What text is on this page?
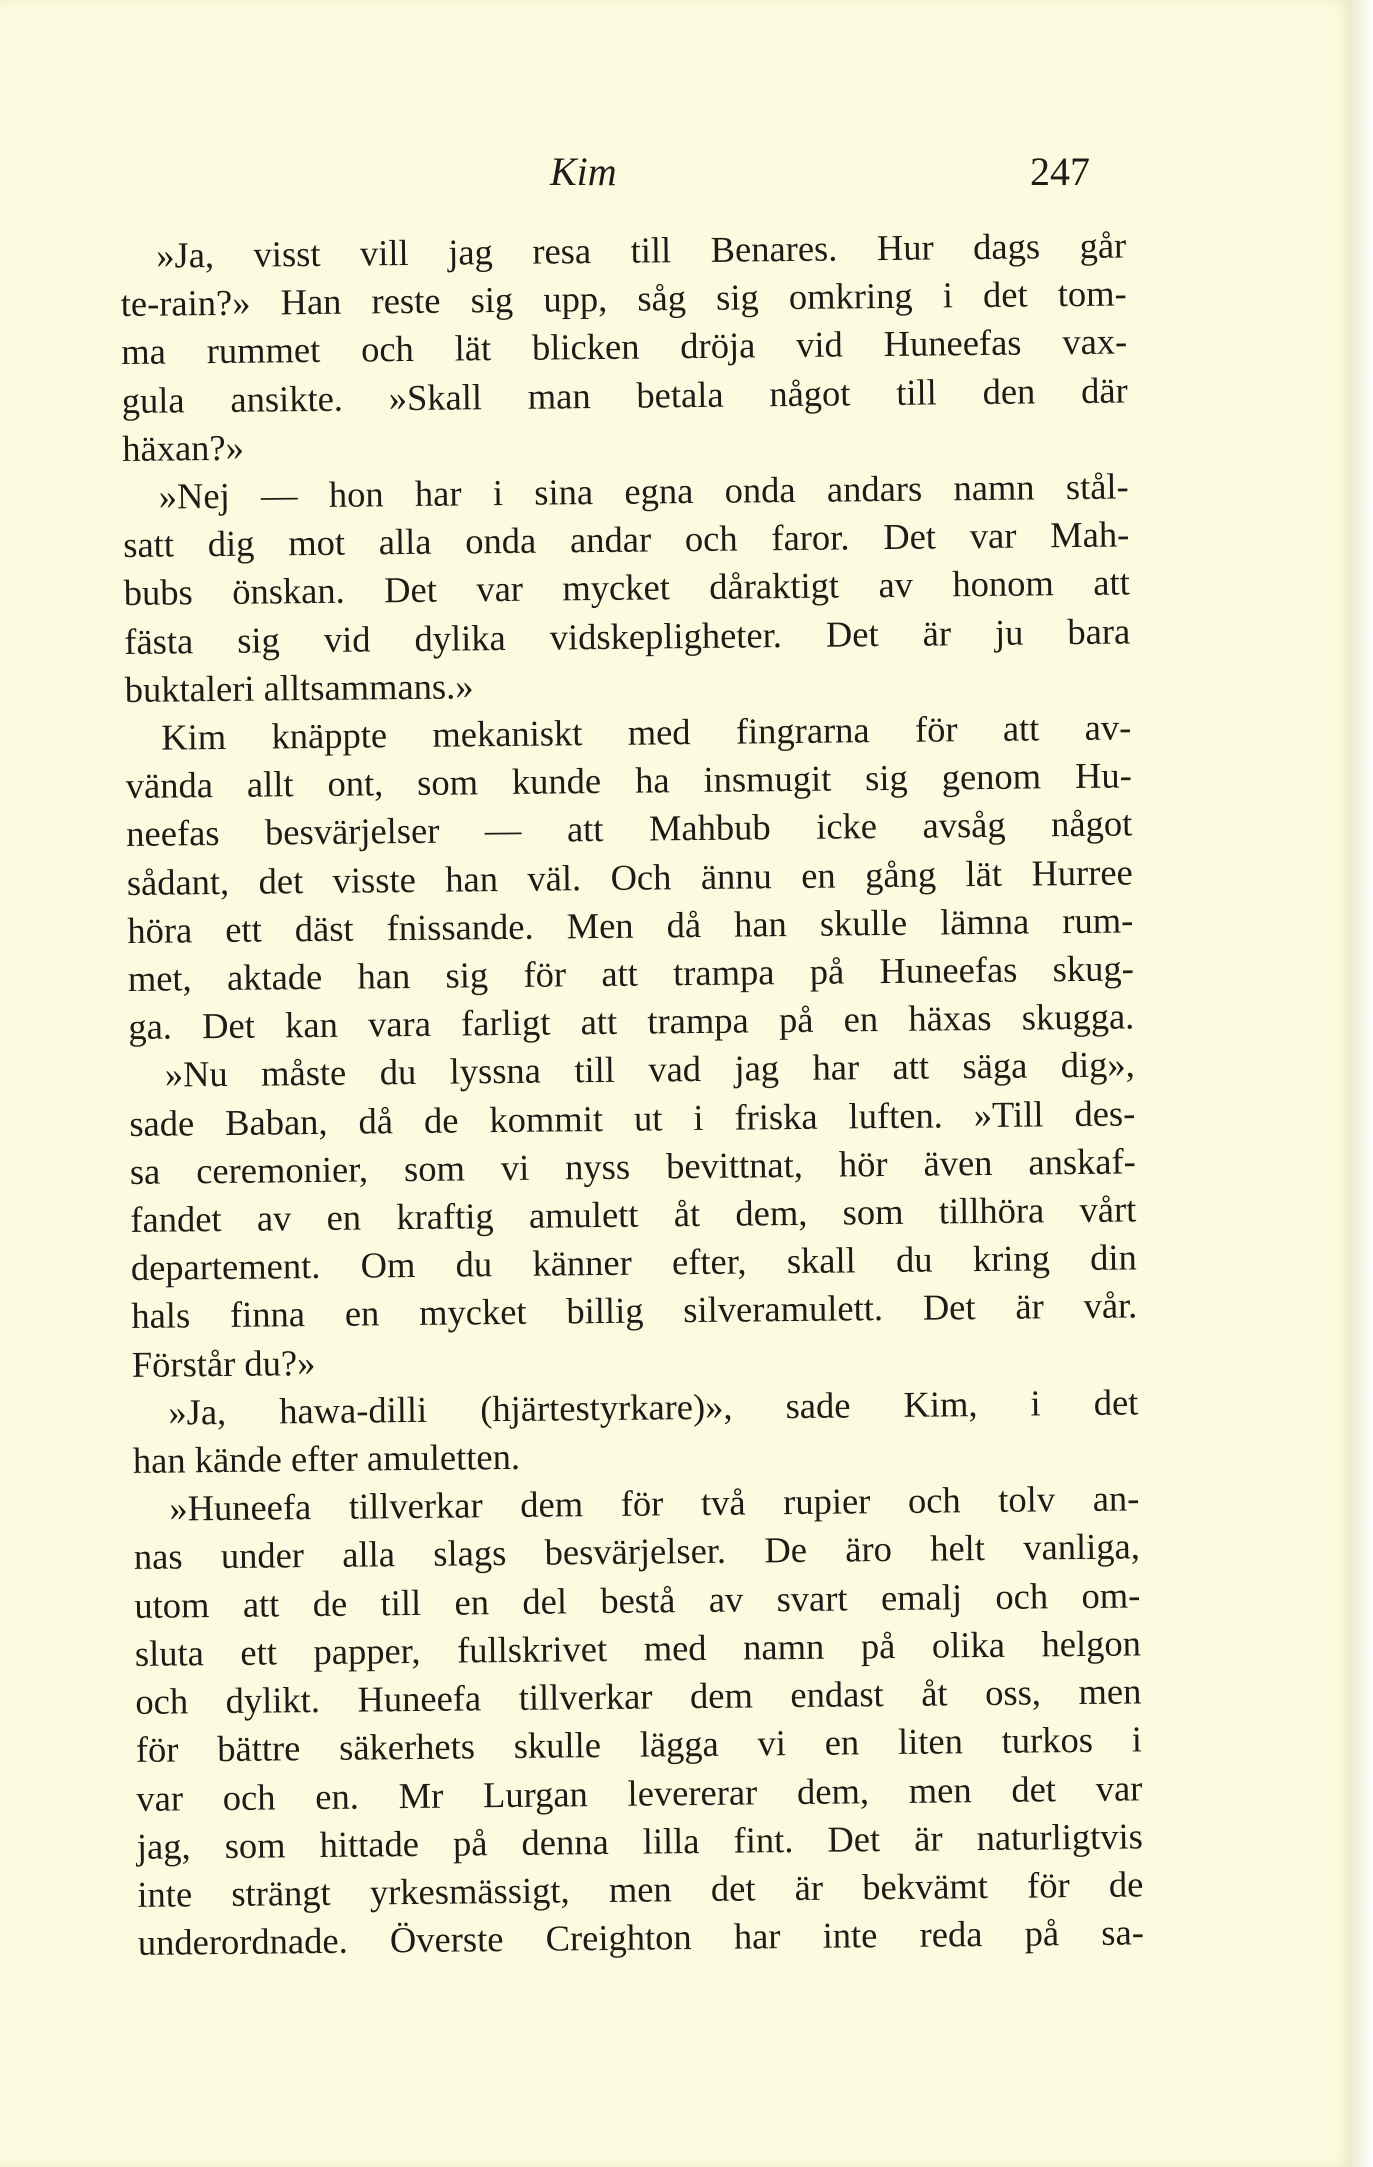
Kim	247
»Ja, visst vill jag resa till Benares. Hur dags går
te-rain?» Han reste sig upp, såg sig omkring i det tom-
ma rummet och lät blicken dröja vid Huneefas vax-
gula ansikte. »Skall man betala något till den där
häxan?»
»Nej — hon har i sina egna onda andars namn stål-
satt dig mot alla onda andar och faror. Det var Mah-
bubs önskan. Det var mycket dåraktigt av honom att
fästa sig vid dylika vidskepligheter. Det är ju bara
buktaleri alltsammans.»
Kim knäppte mekaniskt med fingrarna för att av-
vända allt ont, som kunde ha insmugit sig genom Hu-
neefas besvärjelser — att Mahbub icke avsåg något
sådant, det visste han väl. Och ännu en gång lät Hurree
höra ett däst fnissande. Men då han skulle lämna rum-
met, aktade han sig för att trampa på Huneefas skug-
ga. Det kan vara farligt att trampa på en häxas skugga.
»Nu måste du lyssna till vad jag har att säga dig»,
sade Baban, då de kommit ut i friska luften. »Till des-
sa ceremonier, som vi nyss bevittnat, hör även anskaf-
fandet av en kraftig amulett åt dem, som tillhöra vårt
departement. Om du känner efter, skall du kring din
hals finna en mycket billig silveramulett. Det är vår.
Förstår du?»
»Ja, hawa-dilli (hjärtestyrkare)», sade Kim, i det
han kände efter amuletten.
»Huneefa tillverkar dem för två rupier och tolv an-
nas under alla slags besvärjelser. De äro helt vanliga,
utom att de till en del bestå av svart emalj och om-
sluta ett papper, fullskrivet med namn på olika helgon
och dylikt. Huneefa tillverkar dem endast åt oss, men
för bättre säkerhets skulle lägga vi en liten turkos i
var och en. Mr Lurgan levererar dem, men det var
jag, som hittade på denna lilla fint. Det är naturligtvis
inte strängt yrkesmässigt, men det är bekvämt för de
underordnade. Överste Creighton har inte reda på sa-
